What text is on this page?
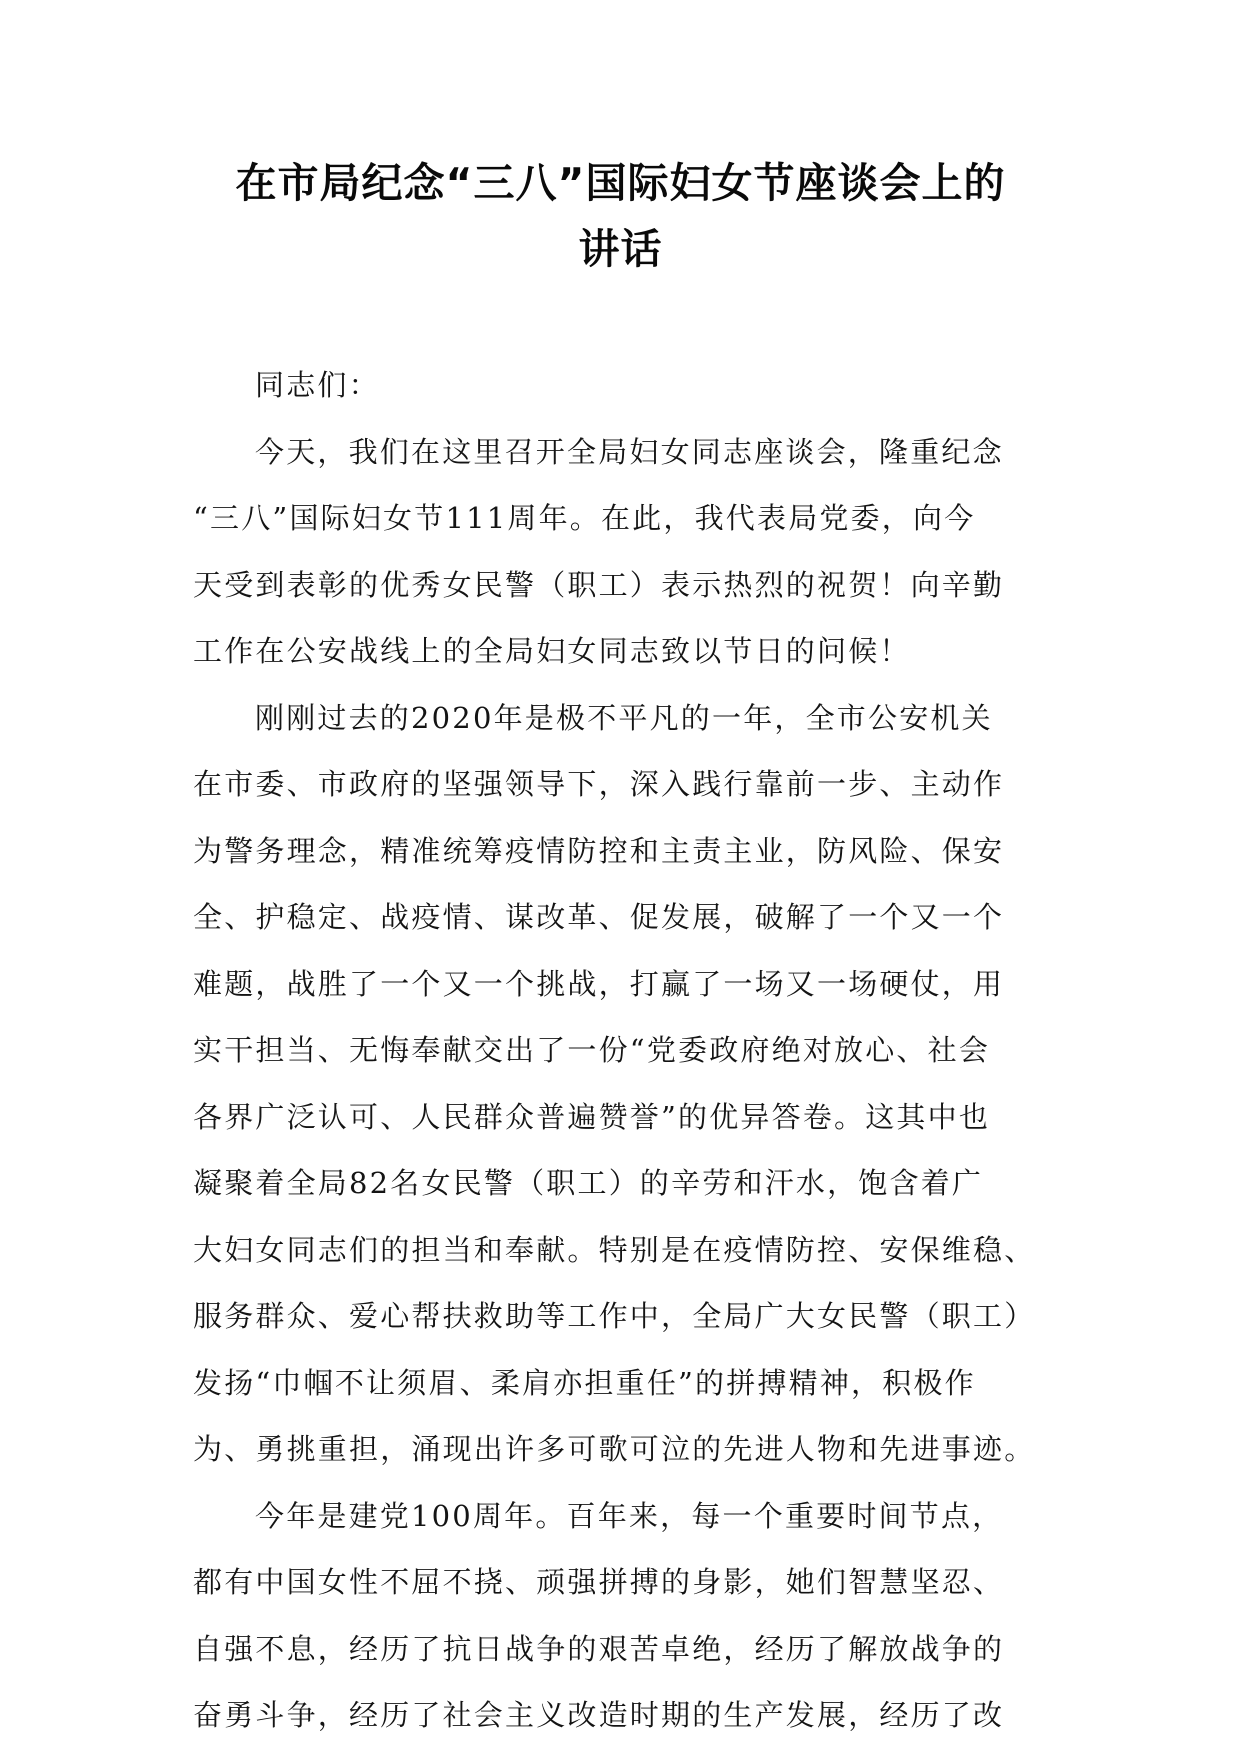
在市局纪念“三八”国际妇女节座谈会上的
讲话
同志们：
今天，我们在这里召开全局妇女同志座谈会，隆重纪念
“三八”国际妇女节111周年。在此，我代表局党委，向今
天受到表彰的优秀女民警（职工）表示热烈的祝贺！向辛勤
工作在公安战线上的全局妇女同志致以节日的问候！
刚刚过去的2020年是极不平凡的一年，全市公安机关
在市委、市政府的坚强领导下，深入践行靠前一步、主动作
为警务理念，精准统筹疫情防控和主责主业，防风险、保安
全、护稳定、战疫情、谋改革、促发展，破解了一个又一个
难题，战胜了一个又一个挑战，打赢了一场又一场硬仗，用
实干担当、无悔奉献交出了一份“党委政府绝对放心、社会
各界广泛认可、人民群众普遍赞誉”的优异答卷。这其中也
凝聚着全局82名女民警（职工）的辛劳和汗水，饱含着广
大妇女同志们的担当和奉献。特别是在疫情防控、安保维稳、
服务群众、爱心帮扶救助等工作中，全局广大女民警（职工）
发扬“巾帼不让须眉、柔肩亦担重任”的拼搏精神，积极作
为、勇挑重担，涌现出许多可歌可泣的先进人物和先进事迹。
今年是建党100周年。百年来，每一个重要时间节点，
都有中国女性不屈不挠、顽强拼搏的身影，她们智慧坚忍、
自强不息，经历了抗日战争的艰苦卓绝，经历了解放战争的
奋勇斗争，经历了社会主义改造时期的生产发展，经历了改
